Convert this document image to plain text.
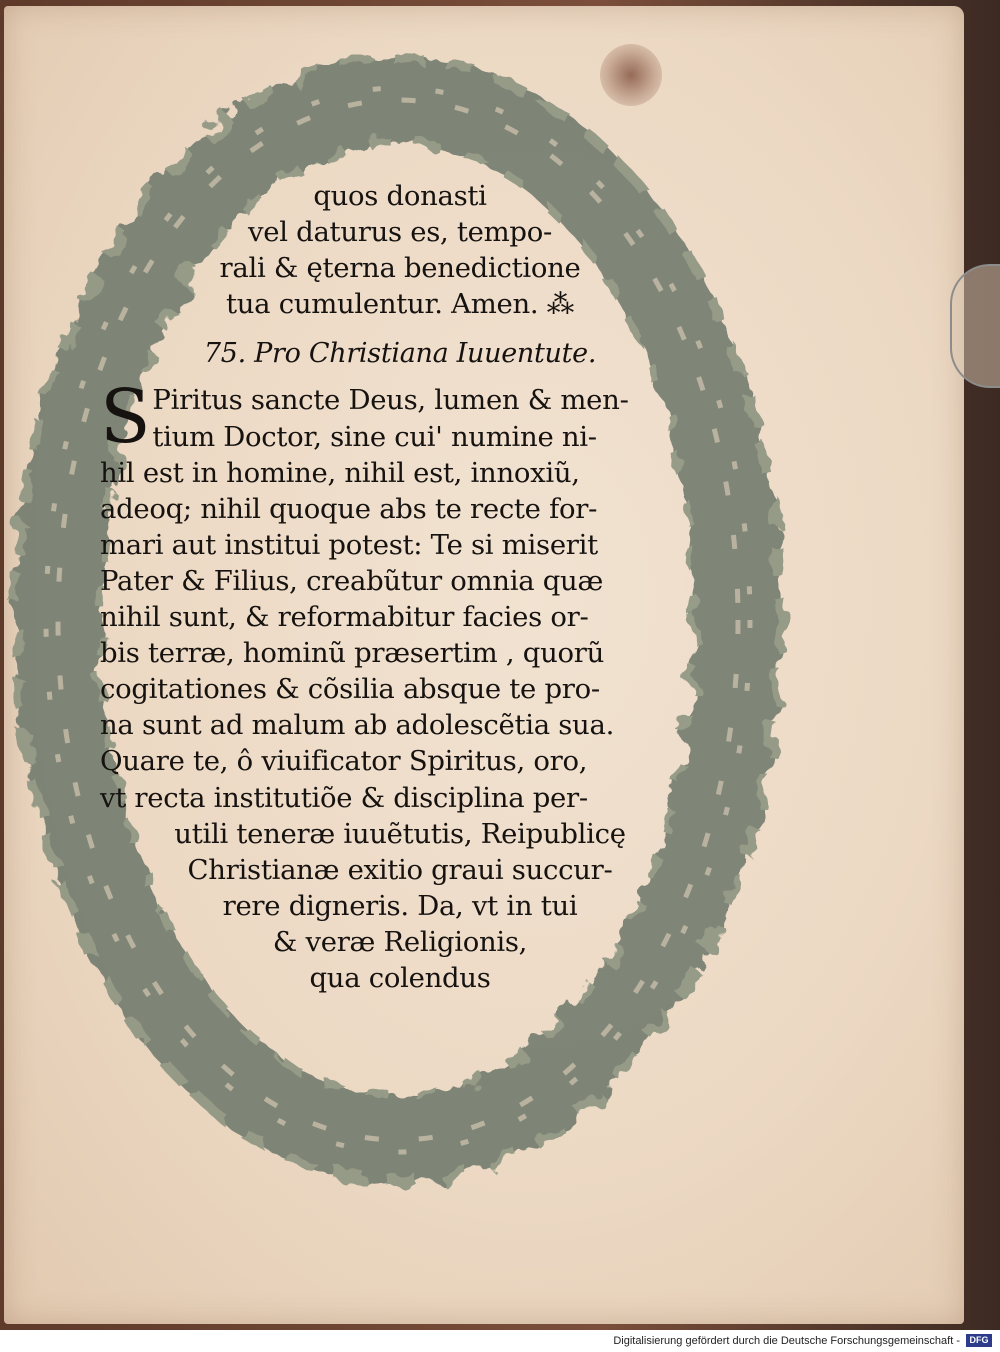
quos donasti
vel daturus es, tempo-
rali & ęterna benedictione
tua cumulentur. Amen. ⁂
75. Pro Christiana Iuuentute.
S Piritus sancte Deus, lumen & men-
tium Doctor, sine cui' numine ni-
hil est in homine, nihil est, innoxiũ,
adeoq; nihil quoque abs te recte for-
mari aut institui potest: Te si miserit
Pater & Filius, creabũtur omnia quæ
nihil sunt, & reformabitur facies or-
bis terræ, hominũ præsertim , quorũ
cogitationes & cõsilia absque te pro-
na sunt ad malum ab adolescẽtia sua.
Quare te, ô viuificator Spiritus, oro,
vt recta institutiõe & disciplina per-
utili teneræ iuuẽtutis, Reipublicę
Christianæ exitio graui succur-
rere digneris. Da, vt in tui
& veræ Religionis,
qua colendus
Digitalisierung gefördert durch die Deutsche Forschungsgemeinschaft -	DFG
